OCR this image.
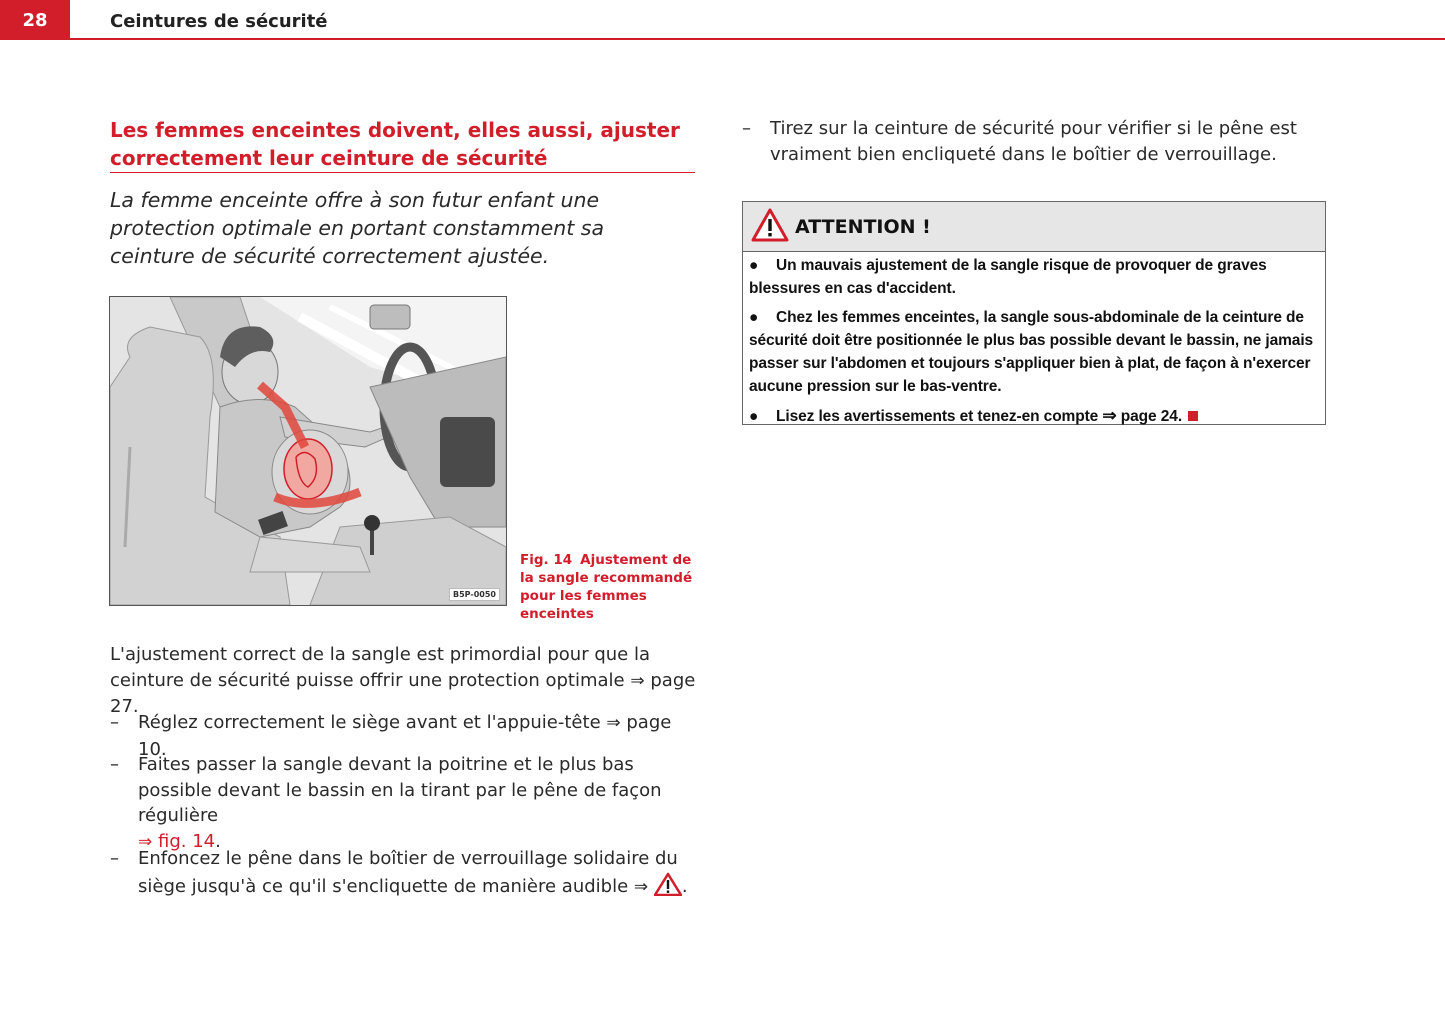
28	Ceintures de sécurité
Les femmes enceintes doivent, elles aussi, ajuster correctement leur ceinture de sécurité
La femme enceinte offre à son futur enfant une protection optimale en portant constamment sa ceinture de sécurité correctement ajustée.
B5P-0050
Fig. 14 Ajustement de la sangle recommandé pour les femmes enceintes
L'ajustement correct de la sangle est primordial pour que la ceinture de sécurité puisse offrir une protection optimale ⇒ page 27.
– Réglez correctement le siège avant et l'appuie-tête ⇒ page 10.
– Faites passer la sangle devant la poitrine et le plus bas possible devant le bassin en la tirant par le pêne de façon régulière
⇒ fig. 14.
– Enfoncez le pêne dans le boîtier de verrouillage solidaire du siège jusqu'à ce qu'il s'encliquette de manière audible ⇒ .
– Tirez sur la ceinture de sécurité pour vérifier si le pêne est vraiment bien encliqueté dans le boîtier de verrouillage.
ATTENTION !
● Un mauvais ajustement de la sangle risque de provoquer de graves blessures en cas d'accident.
● Chez les femmes enceintes, la sangle sous-abdominale de la ceinture de sécurité doit être positionnée le plus bas possible devant le bassin, ne jamais passer sur l'abdomen et toujours s'appliquer bien à plat, de façon à n'exercer aucune pression sur le bas-ventre.
● Lisez les avertissements et tenez-en compte ⇒ page 24.
